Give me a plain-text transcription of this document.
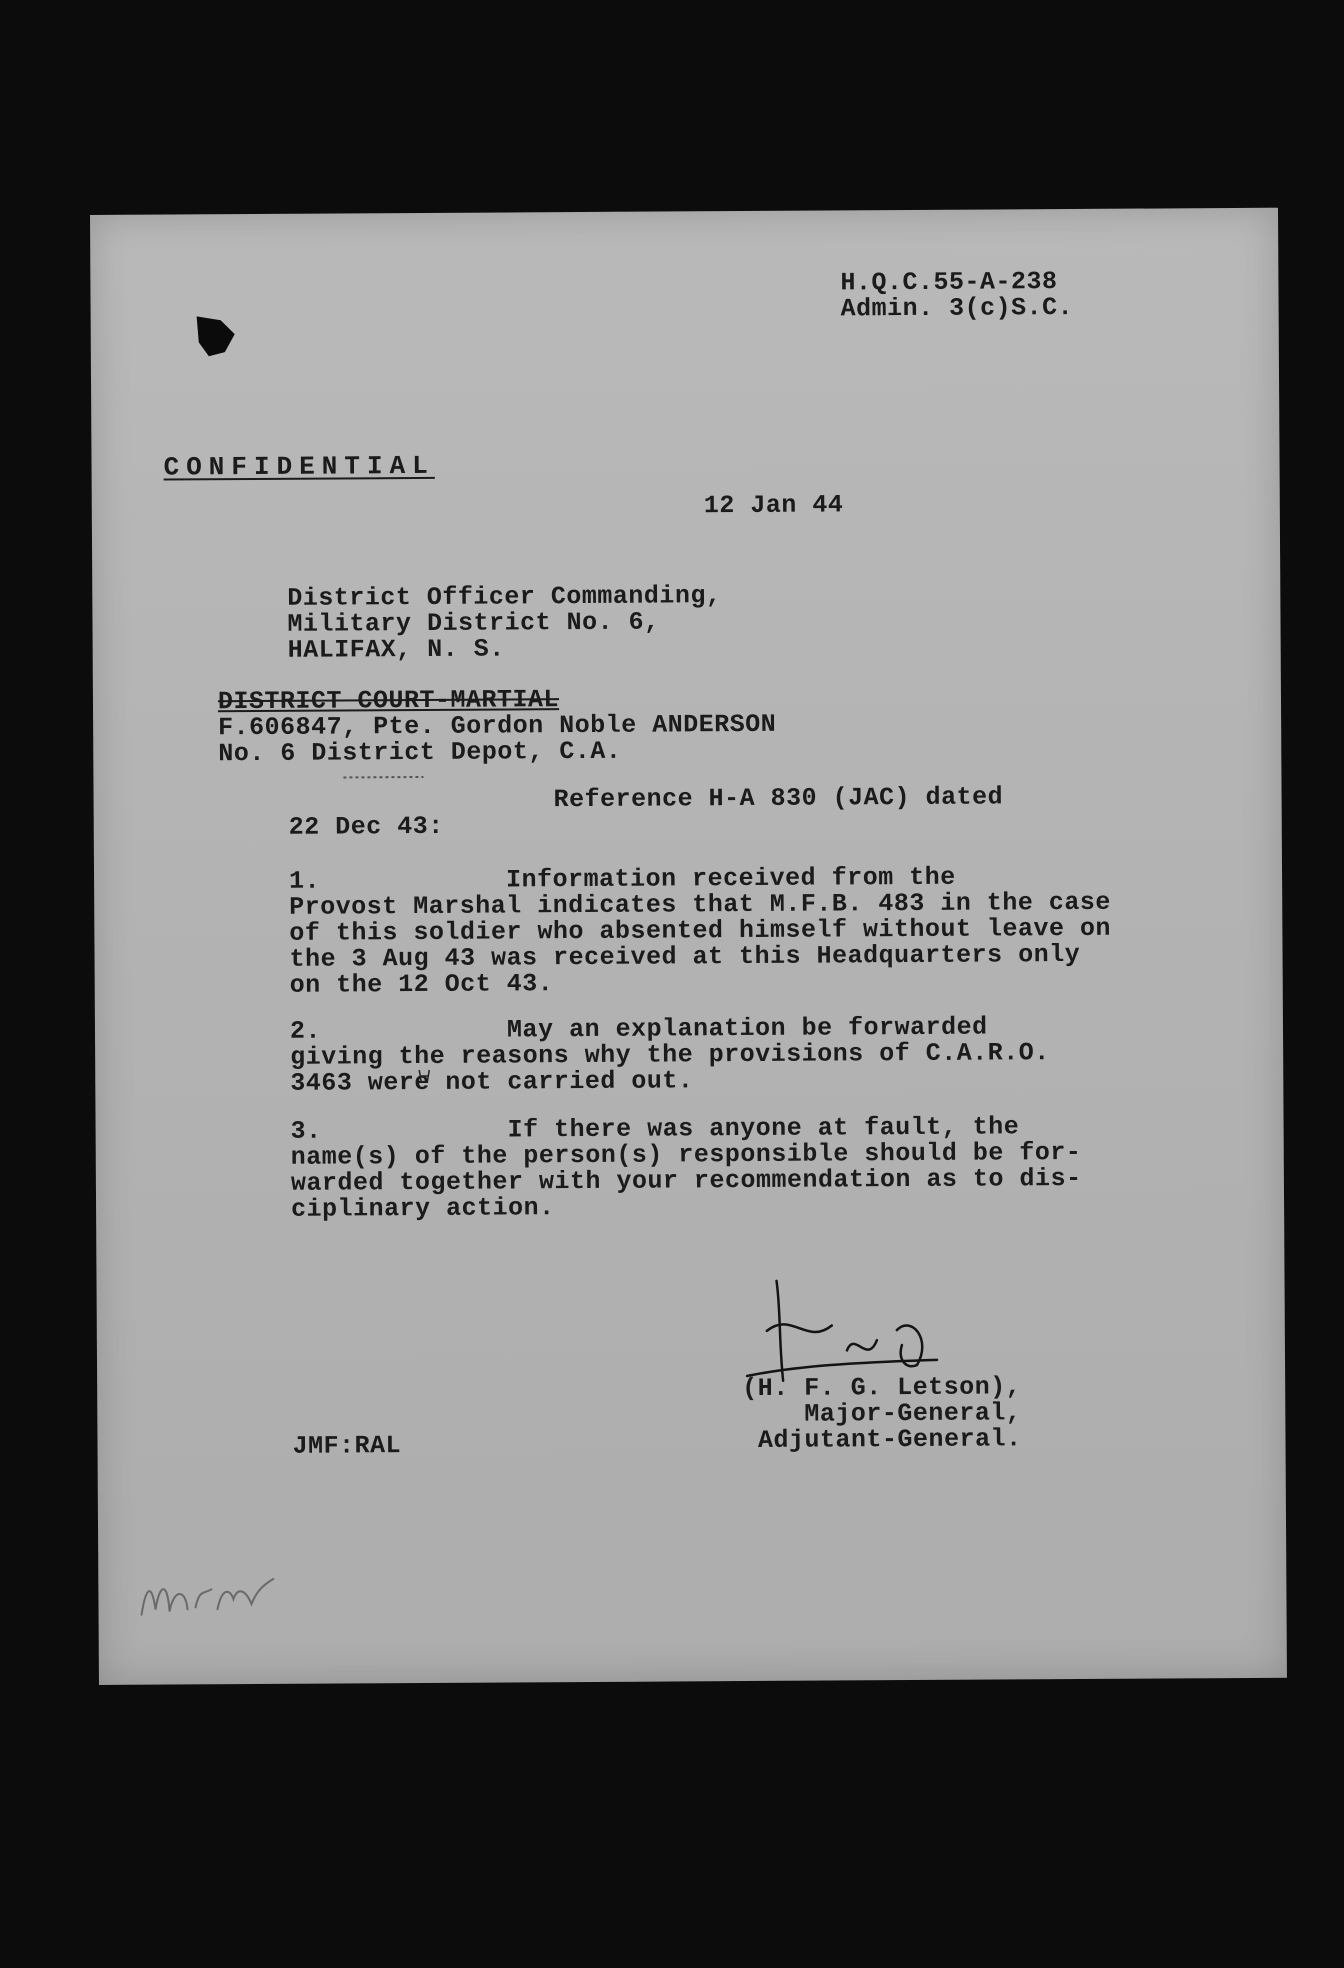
H.Q.C.55-A-238
Admin. 3(c)S.C.
CONFIDENTIAL
12 Jan 44
District Officer Commanding,
Military District No. 6,
HALIFAX, N. S.
DISTRICT COURT-MARTIAL
F.606847, Pte. Gordon Noble ANDERSON
No. 6 District Depot, C.A.
Reference H-A 830 (JAC) dated
22 Dec 43:
1.            Information received from the
Provost Marshal indicates that M.F.B. 483 in the case
of this soldier who absented himself without leave on
the 3 Aug 43 was received at this Headquarters only
on the 12 Oct 43.
2.            May an explanation be forwarded
giving the reasons why the provisions of C.A.R.O.
3463 were not carried out.
3.            If there was anyone at fault, the
name(s) of the person(s) responsible should be for-
warded together with your recommendation as to dis-
ciplinary action.
(H. F. G. Letson),
Major-General,
Adjutant-General.
JMF:RAL
MRW
